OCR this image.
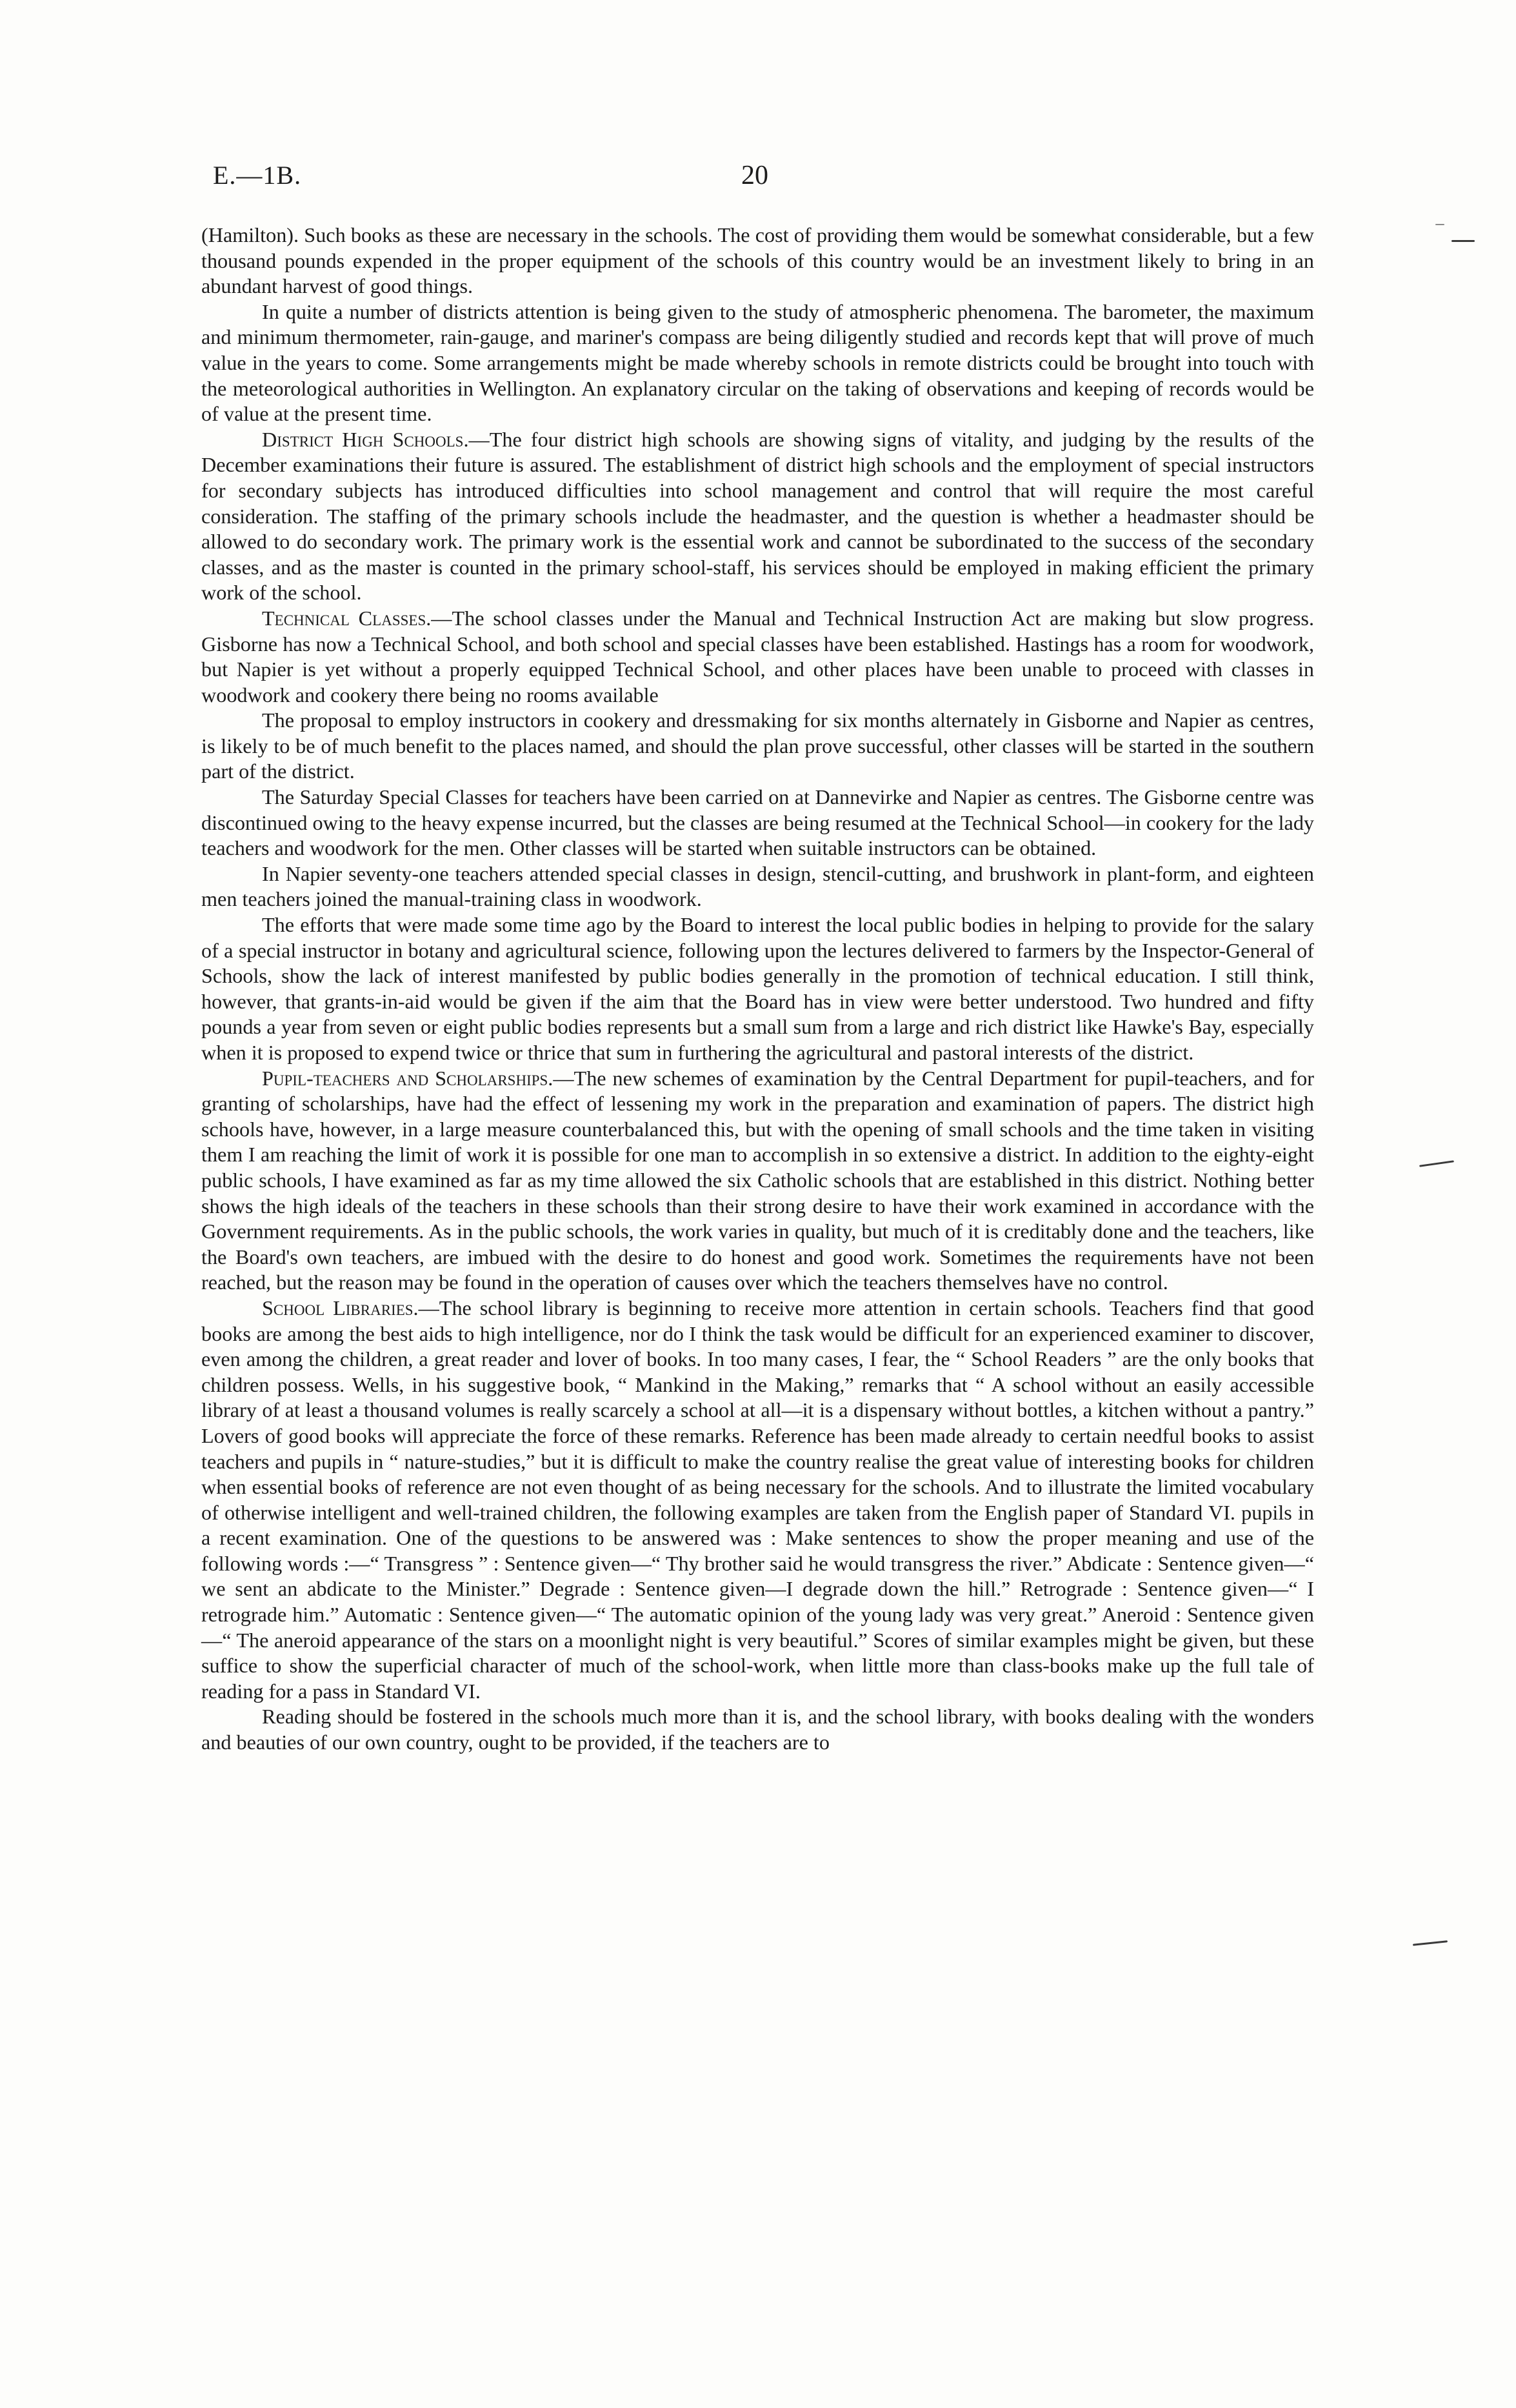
E.—1B.	20

(Hamilton). Such books as these are necessary in the schools. The cost of providing them would be somewhat considerable, but a few thousand pounds expended in the proper equipment of the schools of this country would be an investment likely to bring in an abundant harvest of good things.

In quite a number of districts attention is being given to the study of atmospheric phenomena. The barometer, the maximum and minimum thermometer, rain-gauge, and mariner's compass are being diligently studied and records kept that will prove of much value in the years to come. Some arrangements might be made whereby schools in remote districts could be brought into touch with the meteorological authorities in Wellington. An explanatory circular on the taking of observations and keeping of records would be of value at the present time.

District High Schools.—The four district high schools are showing signs of vitality, and judging by the results of the December examinations their future is assured. The establishment of district high schools and the employment of special instructors for secondary subjects has introduced difficulties into school management and control that will require the most careful consideration. The staffing of the primary schools include the headmaster, and the question is whether a headmaster should be allowed to do secondary work. The primary work is the essential work and cannot be subordinated to the success of the secondary classes, and as the master is counted in the primary school-staff, his services should be employed in making efficient the primary work of the school.

Technical Classes.—The school classes under the Manual and Technical Instruction Act are making but slow progress. Gisborne has now a Technical School, and both school and special classes have been established. Hastings has a room for woodwork, but Napier is yet without a properly equipped Technical School, and other places have been unable to proceed with classes in woodwork and cookery there being no rooms available

The proposal to employ instructors in cookery and dressmaking for six months alternately in Gisborne and Napier as centres, is likely to be of much benefit to the places named, and should the plan prove successful, other classes will be started in the southern part of the district.

The Saturday Special Classes for teachers have been carried on at Dannevirke and Napier as centres. The Gisborne centre was discontinued owing to the heavy expense incurred, but the classes are being resumed at the Technical School—in cookery for the lady teachers and woodwork for the men. Other classes will be started when suitable instructors can be obtained.

In Napier seventy-one teachers attended special classes in design, stencil-cutting, and brushwork in plant-form, and eighteen men teachers joined the manual-training class in woodwork.

The efforts that were made some time ago by the Board to interest the local public bodies in helping to provide for the salary of a special instructor in botany and agricultural science, following upon the lectures delivered to farmers by the Inspector-General of Schools, show the lack of interest manifested by public bodies generally in the promotion of technical education. I still think, however, that grants-in-aid would be given if the aim that the Board has in view were better understood. Two hundred and fifty pounds a year from seven or eight public bodies represents but a small sum from a large and rich district like Hawke's Bay, especially when it is proposed to expend twice or thrice that sum in furthering the agricultural and pastoral interests of the district.

Pupil-teachers and Scholarships.—The new schemes of examination by the Central Department for pupil-teachers, and for granting of scholarships, have had the effect of lessening my work in the preparation and examination of papers. The district high schools have, however, in a large measure counterbalanced this, but with the opening of small schools and the time taken in visiting them I am reaching the limit of work it is possible for one man to accomplish in so extensive a district. In addition to the eighty-eight public schools, I have examined as far as my time allowed the six Catholic schools that are established in this district. Nothing better shows the high ideals of the teachers in these schools than their strong desire to have their work examined in accordance with the Government requirements. As in the public schools, the work varies in quality, but much of it is creditably done and the teachers, like the Board's own teachers, are imbued with the desire to do honest and good work. Sometimes the requirements have not been reached, but the reason may be found in the operation of causes over which the teachers themselves have no control.

School Libraries.—The school library is beginning to receive more attention in certain schools. Teachers find that good books are among the best aids to high intelligence, nor do I think the task would be difficult for an experienced examiner to discover, even among the children, a great reader and lover of books. In too many cases, I fear, the “ School Readers ” are the only books that children possess. Wells, in his suggestive book, “ Mankind in the Making,” remarks that “ A school without an easily accessible library of at least a thousand volumes is really scarcely a school at all—it is a dispensary without bottles, a kitchen without a pantry.” Lovers of good books will appreciate the force of these remarks. Reference has been made already to certain needful books to assist teachers and pupils in “ nature-studies,” but it is difficult to make the country realise the great value of interesting books for children when essential books of reference are not even thought of as being necessary for the schools. And to illustrate the limited vocabulary of otherwise intelligent and well-trained children, the following examples are taken from the English paper of Standard VI. pupils in a recent examination. One of the questions to be answered was : Make sentences to show the proper meaning and use of the following words :—“ Transgress ” : Sentence given—“ Thy brother said he would transgress the river.” Abdicate : Sentence given—“ we sent an abdicate to the Minister.” Degrade : Sentence given—I degrade down the hill.” Retrograde : Sentence given—“ I retrograde him.” Automatic : Sentence given—“ The automatic opinion of the young lady was very great.” Aneroid : Sentence given—“ The aneroid appearance of the stars on a moonlight night is very beautiful.” Scores of similar examples might be given, but these suffice to show the superficial character of much of the school-work, when little more than class-books make up the full tale of reading for a pass in Standard VI.

Reading should be fostered in the schools much more than it is, and the school library, with books dealing with the wonders and beauties of our own country, ought to be provided, if the teachers are to
